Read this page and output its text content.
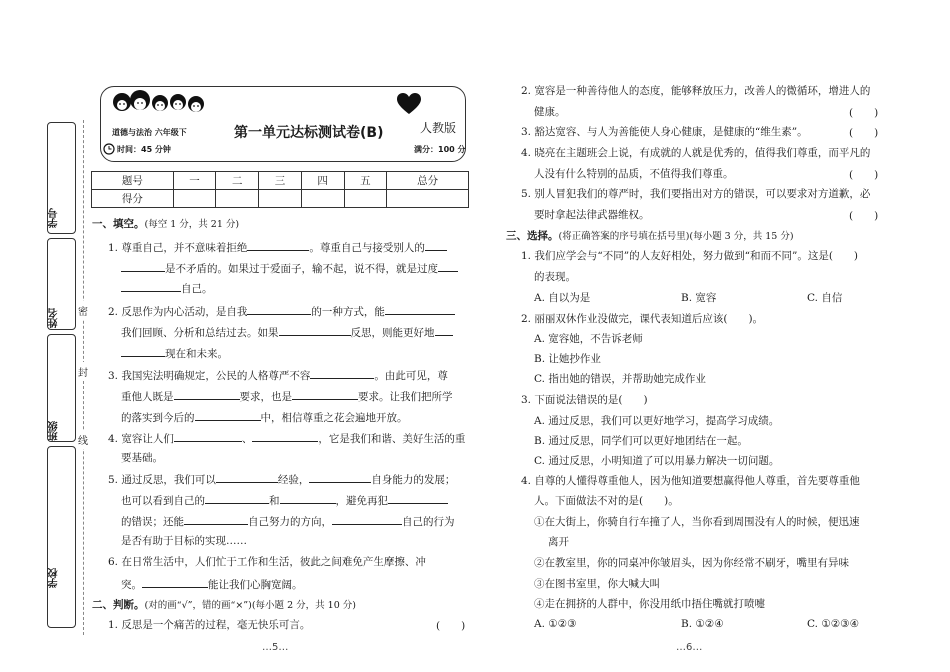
学号
姓名
班级
学校
密
封
线
道德与法治 六年级下
时间：45 分钟
第一单元达标测试卷(B)	人教版
满分：100 分
题号	一	二	三	四	五	总分
得分						
一、填空。(每空 1 分，共 21 分)
1. 尊重自己，并不意味着拒绝	。尊重自己与接受别人的
是不矛盾的。如果过于爱面子，输不起，说不得，就是过度
自己。
2. 反思作为内心活动，是自我	的一种方式，能
我们回顾、分析和总结过去。如果	反思，则能更好地
现在和未来。
3. 我国宪法明确规定，公民的人格尊严不容	。由此可见，尊
重他人既是	要求，也是	要求。让我们把所学
的落实到今后的	中，相信尊重之花会遍地开放。
4. 宽容让人们	、	，它是我们和谐、美好生活的重
要基础。
5. 通过反思，我们可以	经验，	自身能力的发展；
也可以看到自己的	和	，避免再犯
的错误；还能	自己努力的方向，	自己的行为
是否有助于目标的实现……
6. 在日常生活中，人们忙于工作和生活，彼此之间难免产生摩擦、冲
突。	能让我们心胸宽阔。
二、判断。(对的画“√”，错的画“×”)(每小题 2 分，共 10 分)
1. 反思是一个痛苦的过程，毫无快乐可言。	(　　)
2. 宽容是一种善待他人的态度，能够释放压力，改善人的微循环，增进人的
健康。	(　　)
3. 豁达宽容、与人为善能使人身心健康，是健康的“维生素”。	(　　)
4. 晓亮在主题班会上说，有成就的人就是优秀的，值得我们尊重，而平凡的
人没有什么特别的品质，不值得我们尊重。	(　　)
5. 别人冒犯我们的尊严时，我们要指出对方的错误，可以要求对方道歉，必
要时拿起法律武器维权。	(　　)
三、选择。(将正确答案的序号填在括号里)(每小题 3 分，共 15 分)
1. 我们应学会与“不同”的人友好相处，努力做到“和而不同”。这是(　　)
的表现。
A. 自以为是	B. 宽容	C. 自信
2. 丽丽双休作业没做完，课代表知道后应该(　　)。
A. 宽容她，不告诉老师
B. 让她抄作业
C. 指出她的错误，并帮助她完成作业
3. 下面说法错误的是(　　)
A. 通过反思，我们可以更好地学习，提高学习成绩。
B. 通过反思，同学们可以更好地团结在一起。
C. 通过反思，小明知道了可以用暴力解决一切问题。
4. 自尊的人懂得尊重他人，因为他知道要想赢得他人尊重，首先要尊重他
人。下面做法不对的是(　　)。
①在大街上，你骑自行车撞了人，当你看到周围没有人的时候，便迅速
离开
②在教室里，你的同桌冲你皱眉头，因为你经常不刷牙，嘴里有异味
③在图书室里，你大喊大叫
④走在拥挤的人群中，你没用纸巾捂住嘴就打喷嚏
A. ①②③	B. ①②④	C. ①②③④
…5…	…6…
